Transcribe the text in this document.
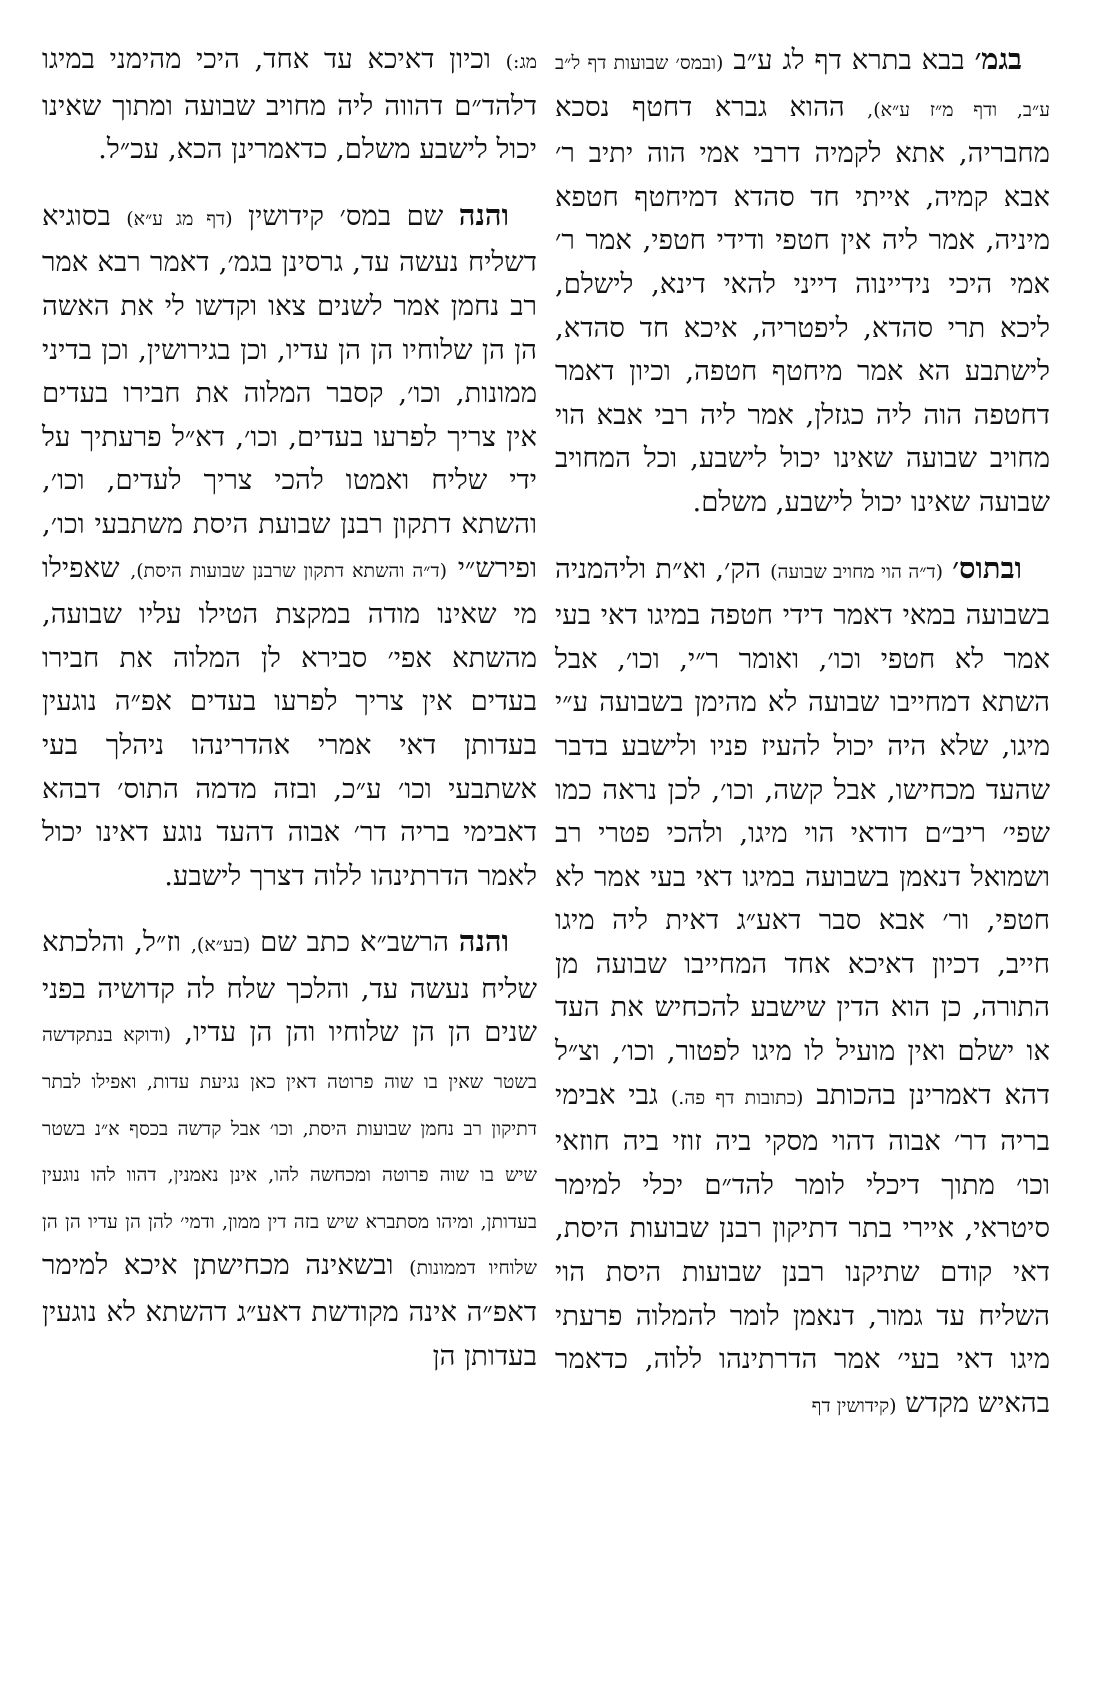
בגמ׳ בבא בתרא דף לג ע״ב (ובמס׳ שבועות דף ל״ב ע״ב, ודף מ״ז ע״א), ההוא גברא דחטף נסכא מחבריה, אתא לקמיה דרבי אמי הוה יתיב ר׳ אבא קמיה, אייתי חד סהדא דמיחטף חטפא מיניה, אמר ליה אין חטפי ודידי חטפי, אמר ר׳ אמי היכי נידיינוה דייני להאי דינא, לישלם, ליכא תרי סהדא, ליפטריה, איכא חד סהדא, לישתבע הא אמר מיחטף חטפה, וכיון דאמר דחטפה הוה ליה כגזלן, אמר ליה רבי אבא הוי מחויב שבועה שאינו יכול לישבע, וכל המחויב שבועה שאינו יכול לישבע, משלם.

ובתוס׳ (ד״ה הוי מחויב שבועה) הק׳, וא״ת וליהמניה בשבועה במאי דאמר דידי חטפה במיגו דאי בעי אמר לא חטפי וכו׳, ואומר ר״י, וכו׳, אבל השתא דמחייבו שבועה לא מהימן בשבועה ע״י מיגו, שלא היה יכול להעיז פניו ולישבע בדבר שהעד מכחישו, אבל קשה, וכו׳, לכן נראה כמו שפי׳ ריב״ם דודאי הוי מיגו, ולהכי פטרי רב ושמואל דנאמן בשבועה במיגו דאי בעי אמר לא חטפי, ור׳ אבא סבר דאע״ג דאית ליה מיגו חייב, דכיון דאיכא אחד המחייבו שבועה מן התורה, כן הוא הדין שישבע להכחיש את העד או ישלם ואין מועיל לו מיגו לפטור, וכו׳, וצ״ל דהא דאמרינן בהכותב (כתובות דף פה.) גבי אבימי בריה דר׳ אבוה דהוי מסקי ביה זוזי ביה חוזאי וכו׳ מתוך דיכלי לומר להד״ם יכלי למימר סיטראי, איירי בתר דתיקון רבנן שבועות היסת, דאי קודם שתיקנו רבנן שבועות היסת הוי השליח עד גמור, דנאמן לומר להמלוה פרעתי מיגו דאי בעי׳ אמר הדרתינהו ללוה, כדאמר בהאיש מקדש (קידושין דף

מג:) וכיון דאיכא עד אחד, היכי מהימני במיגו דלהד״ם דהווה ליה מחויב שבועה ומתוך שאינו יכול לישבע משלם, כדאמרינן הכא, עכ״ל.

והנה שם במס׳ קידושין (דף מג ע״א) בסוגיא דשליח נעשה עד, גרסינן בגמ׳, דאמר רבא אמר רב נחמן אמר לשנים צאו וקדשו לי את האשה הן הן שלוחיו הן הן עדיו, וכן בגירושין, וכן בדיני ממונות, וכו׳, קסבר המלוה את חבירו בעדים אין צריך לפרעו בעדים, וכו׳, דא״ל פרעתיך על ידי שליח ואמטו להכי צריך לעדים, וכו׳, והשתא דתקון רבנן שבועת היסת משתבעי וכו׳, ופירש״י (ד״ה והשתא דתקון שרבנן שבועות היסת), שאפילו מי שאינו מודה במקצת הטילו עליו שבועה, מהשתא אפי׳ סבירא לן המלוה את חבירו בעדים אין צריך לפרעו בעדים אפ״ה נוגעין בעדותן דאי אמרי אהדרינהו ניהלך בעי אשתבעי וכו׳ ע״כ, ובזה מדמה התוס׳ דבהא דאבימי בריה דר׳ אבוה דהעד נוגע דאינו יכול לאמר הדרתינהו ללוה דצרך לישבע.

והנה הרשב״א כתב שם (בע״א), וז״ל, והלכתא שליח נעשה עד, והלכך שלח לה קדושיה בפני שנים הן הן שלוחיו והן הן עדיו, (ודוקא בנתקדשה בשטר שאין בו שוה פרוטה דאין כאן נגיעת עדות, ואפילו לבתר דתיקון רב נחמן שבועות היסת, וכו׳ אבל קדשה בכסף א״נ בשטר שיש בו שוה פרוטה ומכחשה להו, אינן נאמנין, דהוו להו נוגעין בעדותן, ומיהו מסתברא שיש בזה דין ממון, ודמי׳ להן הן עדיו הן הן שלוחיו דממונות) ובשאינה מכחישתן איכא למימר דאפ״ה אינה מקודשת דאע״ג דהשתא לא נוגעין בעדותן הן
